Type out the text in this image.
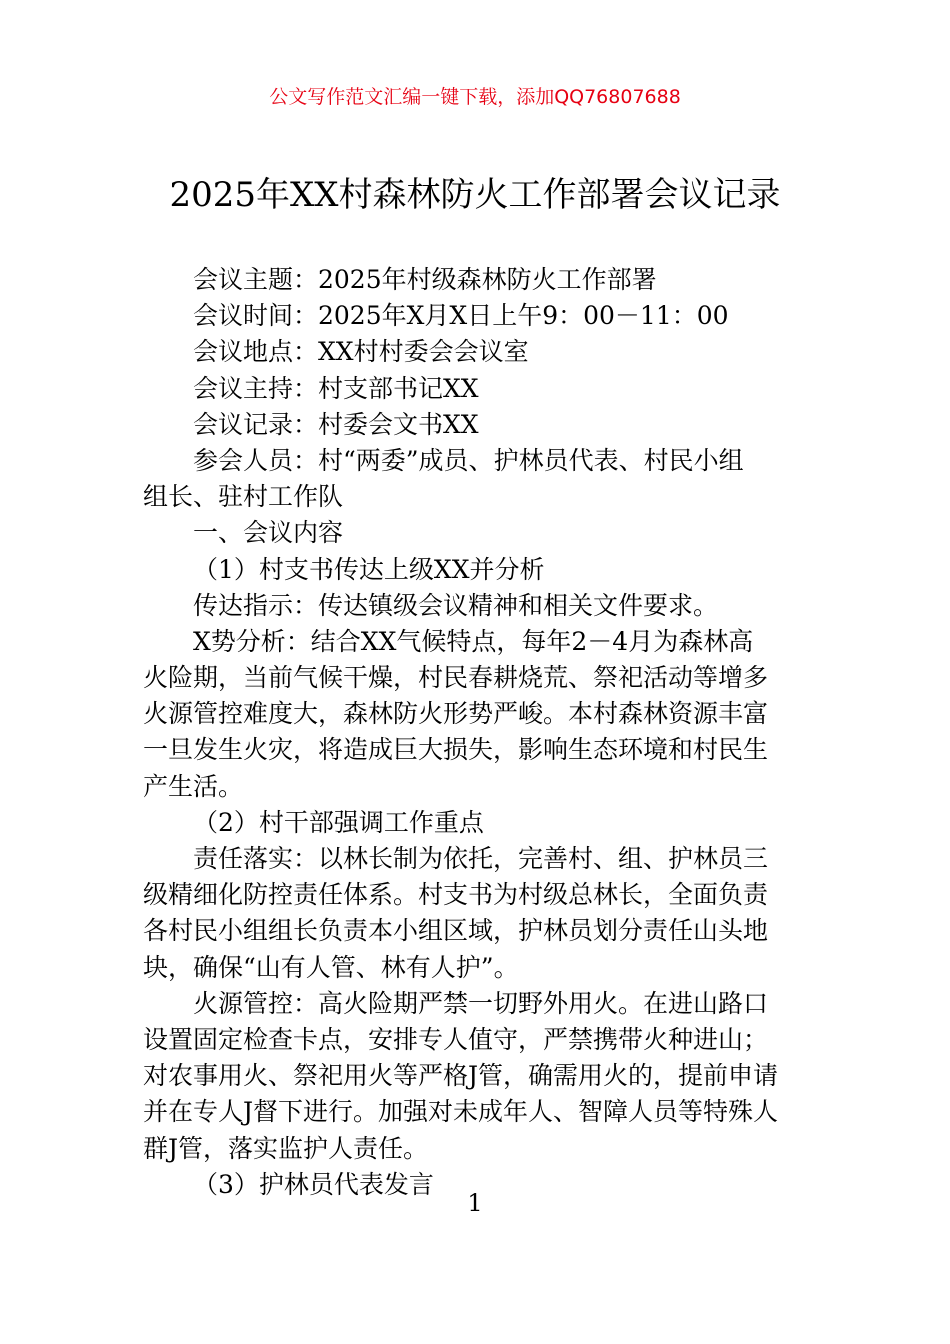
公文写作范文汇编一键下载，添加QQ76807688
2025年XX村森林防火工作部署会议记录
会议主题：2025年村级森林防火工作部署
会议时间：2025年X月X日上午9：00－11：00
会议地点：XX村村委会会议室
会议主持：村支部书记XX
会议记录：村委会文书XX
参会人员：村“两委”成员、护林员代表、村民小组
组长、驻村工作队
一、会议内容
（1）村支书传达上级XX并分析
传达指示：传达镇级会议精神和相关文件要求。
X势分析：结合XX气候特点，每年2－4月为森林高
火险期，当前气候干燥，村民春耕烧荒、祭祀活动等增多
火源管控难度大，森林防火形势严峻。本村森林资源丰富
一旦发生火灾，将造成巨大损失，影响生态环境和村民生
产生活。
（2）村干部强调工作重点
责任落实：以林长制为依托，完善村、组、护林员三
级精细化防控责任体系。村支书为村级总林长，全面负责
各村民小组组长负责本小组区域，护林员划分责任山头地
块，确保“山有人管、林有人护”。
火源管控：高火险期严禁一切野外用火。在进山路口
设置固定检查卡点，安排专人值守，严禁携带火种进山；
对农事用火、祭祀用火等严格J管，确需用火的，提前申请
并在专人J督下进行。加强对未成年人、智障人员等特殊人
群J管，落实监护人责任。
（3）护林员代表发言
1
